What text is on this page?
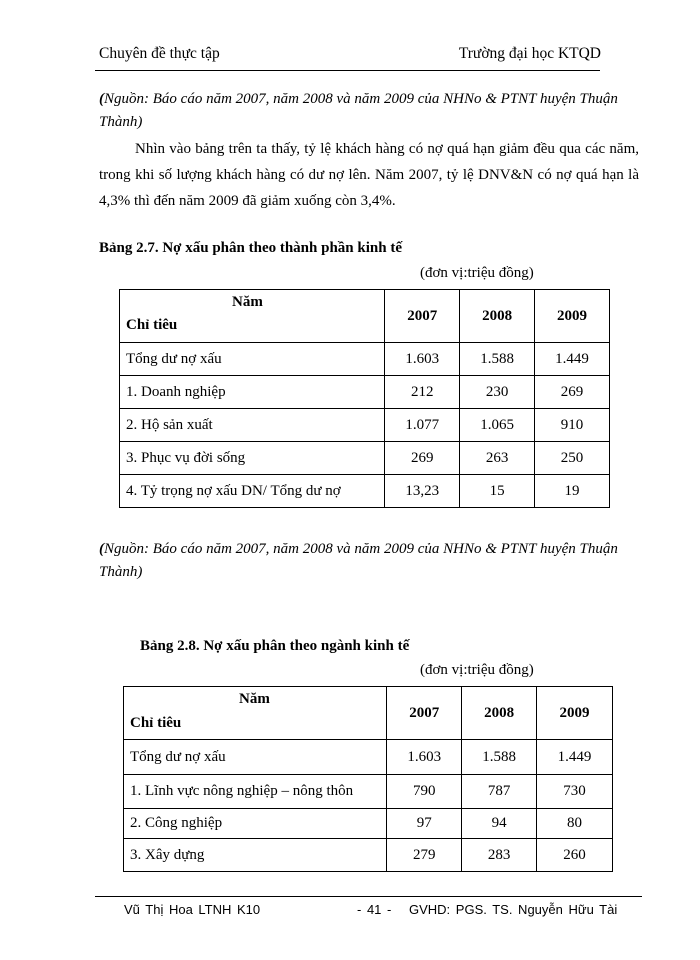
Chuyên đề thực tập	Trường đại học KTQD
(Nguồn: Báo cáo năm 2007, năm 2008 và năm 2009 của NHNo & PTNT huyện Thuận Thành)
Nhìn vào bảng trên ta thấy, tỷ lệ khách hàng có nợ quá hạn giảm đều qua các năm, trong khi số lượng khách hàng có dư nợ lên. Năm 2007, tỷ lệ DNV&N có nợ quá hạn là 4,3% thì đến năm 2009 đã giảm xuống còn 3,4%.
Bảng 2.7. Nợ xấu phân theo thành phần kinh tế
(đơn vị:triệu đồng)
Năm
Chỉ tiêu	2007	2008	2009
Tổng dư nợ xấu	1.603	1.588	1.449
1. Doanh nghiệp	212	230	269
2. Hộ sản xuất	1.077	1.065	910
3. Phục vụ đời sống	269	263	250
4. Tỷ trọng nợ xấu DN/ Tổng dư nợ	13,23	15	19
(Nguồn: Báo cáo năm 2007, năm 2008 và năm 2009 của NHNo & PTNT huyện Thuận Thành)
Bảng 2.8. Nợ xấu phân theo ngành kinh tế
(đơn vị:triệu đồng)
Năm
Chỉ tiêu	2007	2008	2009
Tổng dư nợ xấu	1.603	1.588	1.449
1. Lĩnh vực nông nghiệp – nông thôn	790	787	730
2. Công nghiệp	97	94	80
3. Xây dựng	279	283	260
Vũ Thị Hoa LTNH K10	- 41 - GVHD: PGS. TS. Nguyễn Hữu Tài
